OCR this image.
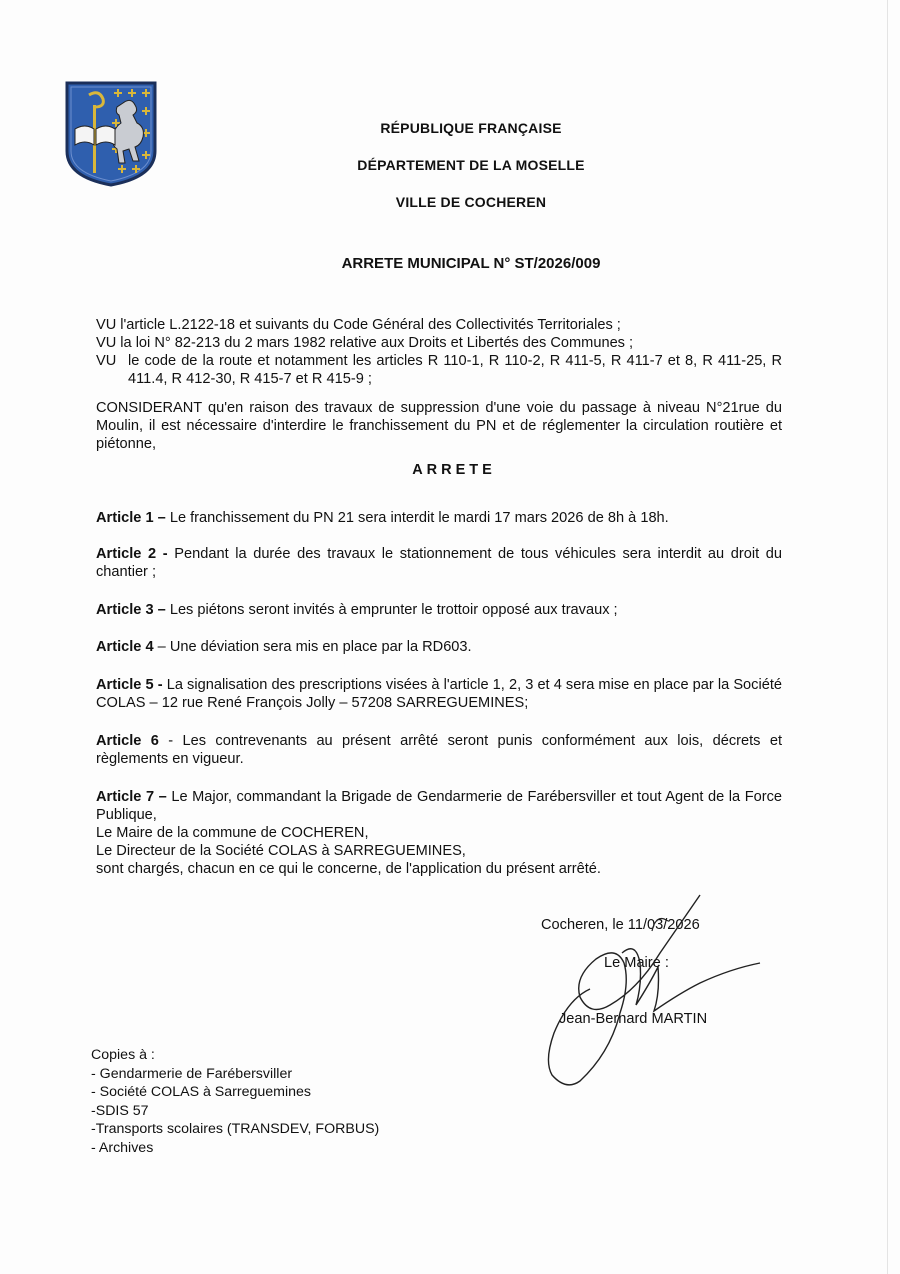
RÉPUBLIQUE FRANÇAISE
DÉPARTEMENT DE LA MOSELLE
VILLE DE COCHEREN
ARRETE MUNICIPAL N° ST/2026/009
VU l'article L.2122-18 et suivants du Code Général des Collectivités Territoriales ;
VU la loi N° 82-213 du 2 mars 1982 relative aux Droits et Libertés des Communes ;
VU le code de la route et notamment les articles R 110-1, R 110-2, R 411-5, R 411-7 et 8, R 411-25, R 411.4, R 412-30, R 415-7 et R 415-9 ;
CONSIDERANT qu'en raison des travaux de suppression d'une voie du passage à niveau N°21rue du Moulin, il est nécessaire d'interdire le franchissement du PN et de réglementer la circulation routière et piétonne,
ARRETE
Article 1 – Le franchissement du PN 21 sera interdit le mardi 17 mars 2026 de 8h à 18h.
Article 2 - Pendant la durée des travaux le stationnement de tous véhicules sera interdit au droit du chantier ;
Article 3 – Les piétons seront invités à emprunter le trottoir opposé aux travaux ;
Article 4 – Une déviation sera mis en place par la RD603.
Article 5 - La signalisation des prescriptions visées à l'article 1, 2, 3 et 4 sera mise en place par la Société COLAS – 12 rue René François Jolly – 57208 SARREGUEMINES;
Article 6 - Les contrevenants au présent arrêté seront punis conformément aux lois, décrets et règlements en vigueur.
Article 7 – Le Major, commandant la Brigade de Gendarmerie de Farébersviller et tout Agent de la Force Publique,
Le Maire de la commune de COCHEREN,
Le Directeur de la Société COLAS à SARREGUEMINES,
sont chargés, chacun en ce qui le concerne, de l'application du présent arrêté.
Cocheren, le 11/03/2026
Le Maire :
Jean-Bernard MARTIN
Copies à :
- Gendarmerie de Farébersviller
- Société COLAS à Sarreguemines
-SDIS 57
-Transports scolaires (TRANSDEV, FORBUS)
- Archives
